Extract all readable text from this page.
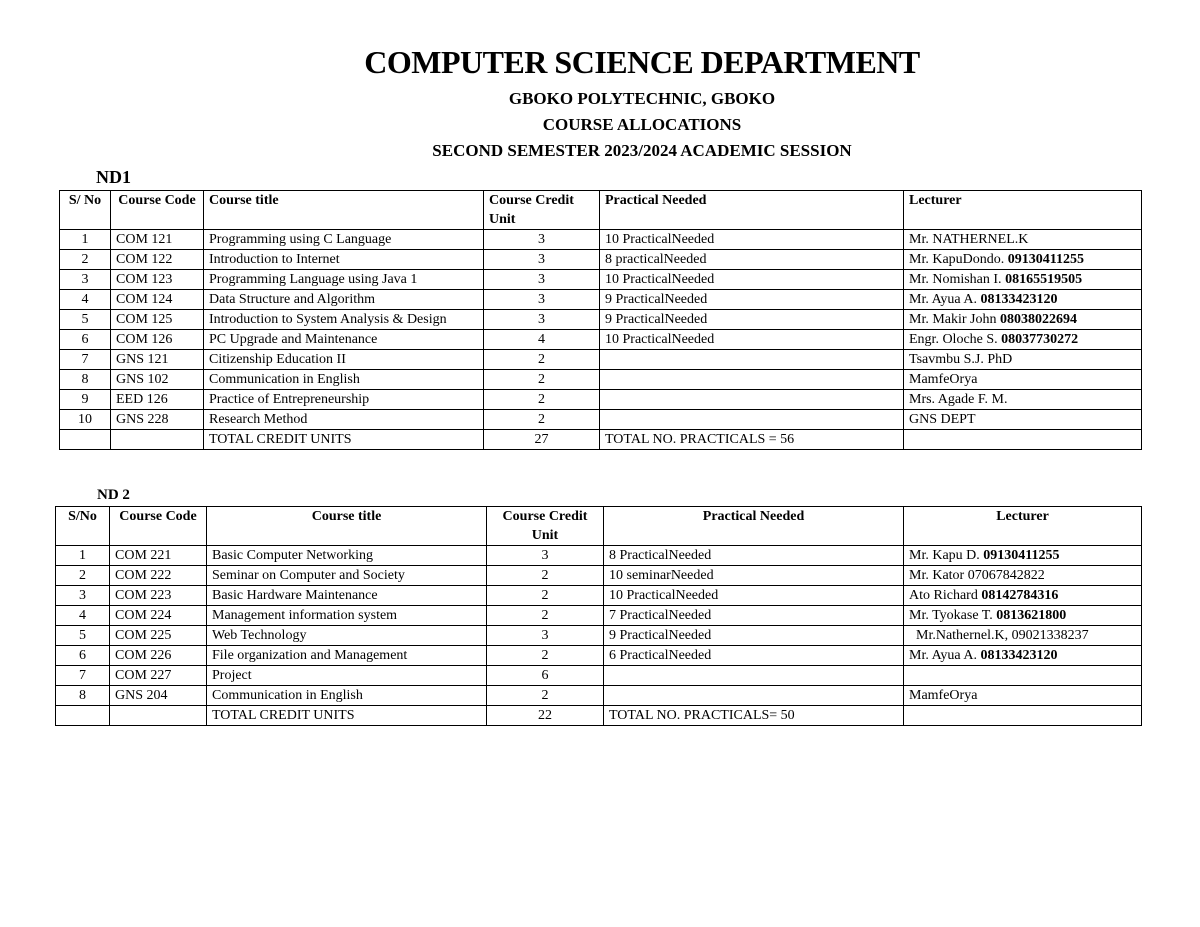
COMPUTER SCIENCE DEPARTMENT
GBOKO POLYTECHNIC, GBOKO
COURSE ALLOCATIONS
SECOND SEMESTER 2023/2024 ACADEMIC SESSION
ND1
S/ No	Course Code	Course title	Course Credit Unit	Practical Needed	Lecturer
1	COM 121	Programming using C Language	3	10 PracticalNeeded	Mr. NATHERNEL.K
2	COM 122	Introduction to Internet	3	8 practicalNeeded	Mr. KapuDondo. 09130411255
3	COM 123	Programming Language using Java 1	3	10 PracticalNeeded	Mr. Nomishan I. 08165519505
4	COM 124	Data Structure and Algorithm	3	9 PracticalNeeded	Mr. Ayua A. 08133423120
5	COM 125	Introduction to System Analysis & Design	3	9 PracticalNeeded	Mr. Makir John 08038022694
6	COM 126	PC Upgrade and Maintenance	4	10 PracticalNeeded	Engr. Oloche S. 08037730272
7	GNS 121	Citizenship Education II	2		Tsavmbu S.J. PhD
8	GNS 102	Communication in English	2		MamfeOrya
9	EED 126	Practice of Entrepreneurship	2		Mrs. Agade F. M.
10	GNS 228	Research Method	2		GNS DEPT
		TOTAL CREDIT UNITS	27	TOTAL NO. PRACTICALS = 56	
ND 2
S/No	Course Code	Course title	Course Credit Unit	Practical Needed	Lecturer
1	COM 221	Basic Computer Networking	3	8 PracticalNeeded	Mr. Kapu D. 09130411255
2	COM 222	Seminar on Computer and Society	2	10 seminarNeeded	Mr. Kator 07067842822
3	COM 223	Basic Hardware Maintenance	2	10 PracticalNeeded	Ato Richard 08142784316
4	COM 224	Management information system	2	7 PracticalNeeded	Mr. Tyokase T. 0813621800
5	COM 225	Web Technology	3	9 PracticalNeeded	Mr.Nathernel.K, 09021338237
6	COM 226	File organization and Management	2	6 PracticalNeeded	Mr. Ayua A. 08133423120
7	COM 227	Project	6		
8	GNS 204	Communication in English	2		MamfeOrya
		TOTAL CREDIT UNITS	22	TOTAL NO. PRACTICALS= 50	
